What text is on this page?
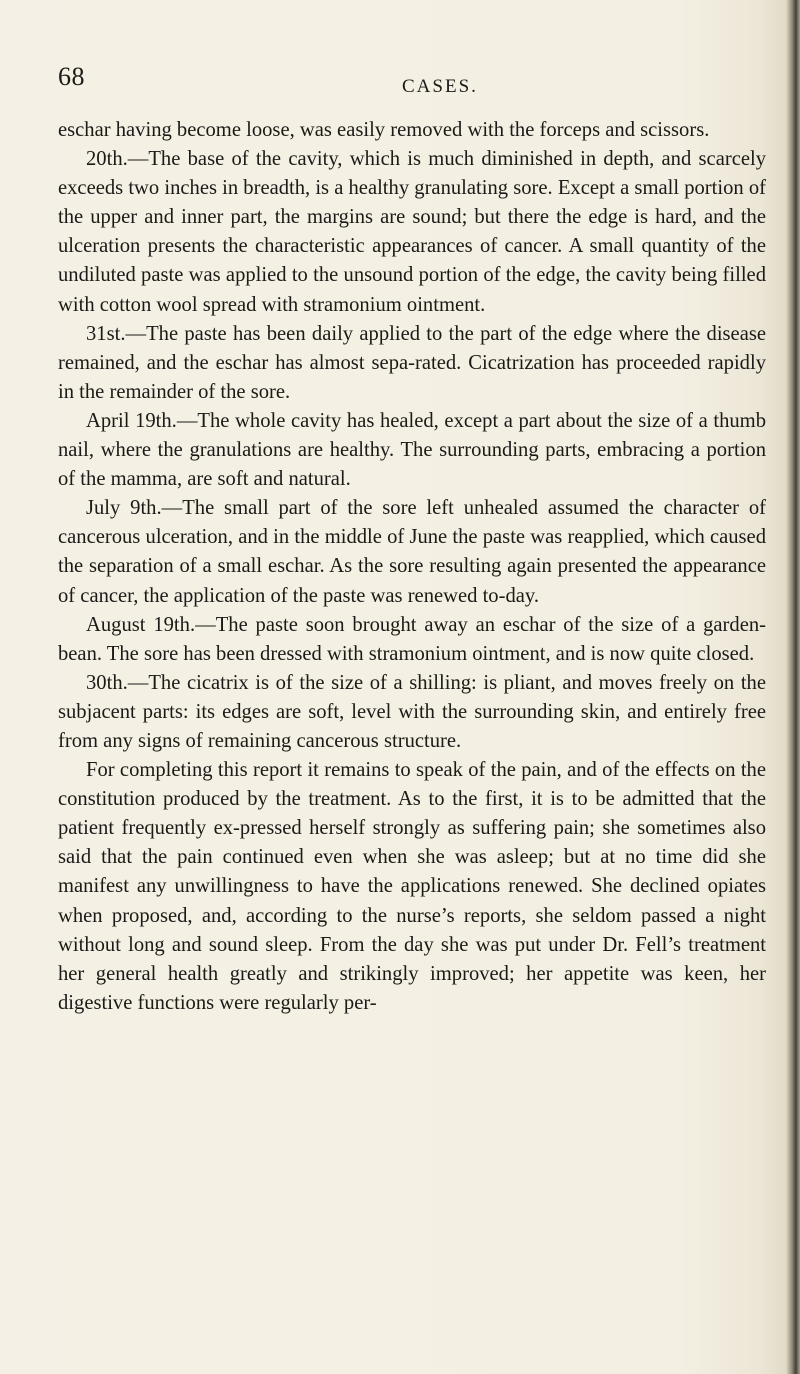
68	CASES.

eschar having become loose, was easily removed with the forceps and scissors.

20th.—The base of the cavity, which is much diminished in depth, and scarcely exceeds two inches in breadth, is a healthy granulating sore. Except a small portion of the upper and inner part, the margins are sound; but there the edge is hard, and the ulceration presents the characteristic appearances of cancer. A small quantity of the undiluted paste was applied to the unsound portion of the edge, the cavity being filled with cotton wool spread with stramonium ointment.

31st.—The paste has been daily applied to the part of the edge where the disease remained, and the eschar has almost sepa-rated. Cicatrization has proceeded rapidly in the remainder of the sore.

April 19th.—The whole cavity has healed, except a part about the size of a thumb nail, where the granulations are healthy. The surrounding parts, embracing a portion of the mamma, are soft and natural.

July 9th.—The small part of the sore left unhealed assumed the character of cancerous ulceration, and in the middle of June the paste was reapplied, which caused the separation of a small eschar. As the sore resulting again presented the appearance of cancer, the application of the paste was renewed to-day.

August 19th.—The paste soon brought away an eschar of the size of a garden-bean. The sore has been dressed with stramonium ointment, and is now quite closed.

30th.—The cicatrix is of the size of a shilling: is pliant, and moves freely on the subjacent parts: its edges are soft, level with the surrounding skin, and entirely free from any signs of remaining cancerous structure.

For completing this report it remains to speak of the pain, and of the effects on the constitution produced by the treatment. As to the first, it is to be admitted that the patient frequently ex-pressed herself strongly as suffering pain; she sometimes also said that the pain continued even when she was asleep; but at no time did she manifest any unwillingness to have the applications renewed. She declined opiates when proposed, and, according to the nurse’s reports, she seldom passed a night without long and sound sleep. From the day she was put under Dr. Fell’s treatment her general health greatly and strikingly improved; her appetite was keen, her digestive functions were regularly per-
